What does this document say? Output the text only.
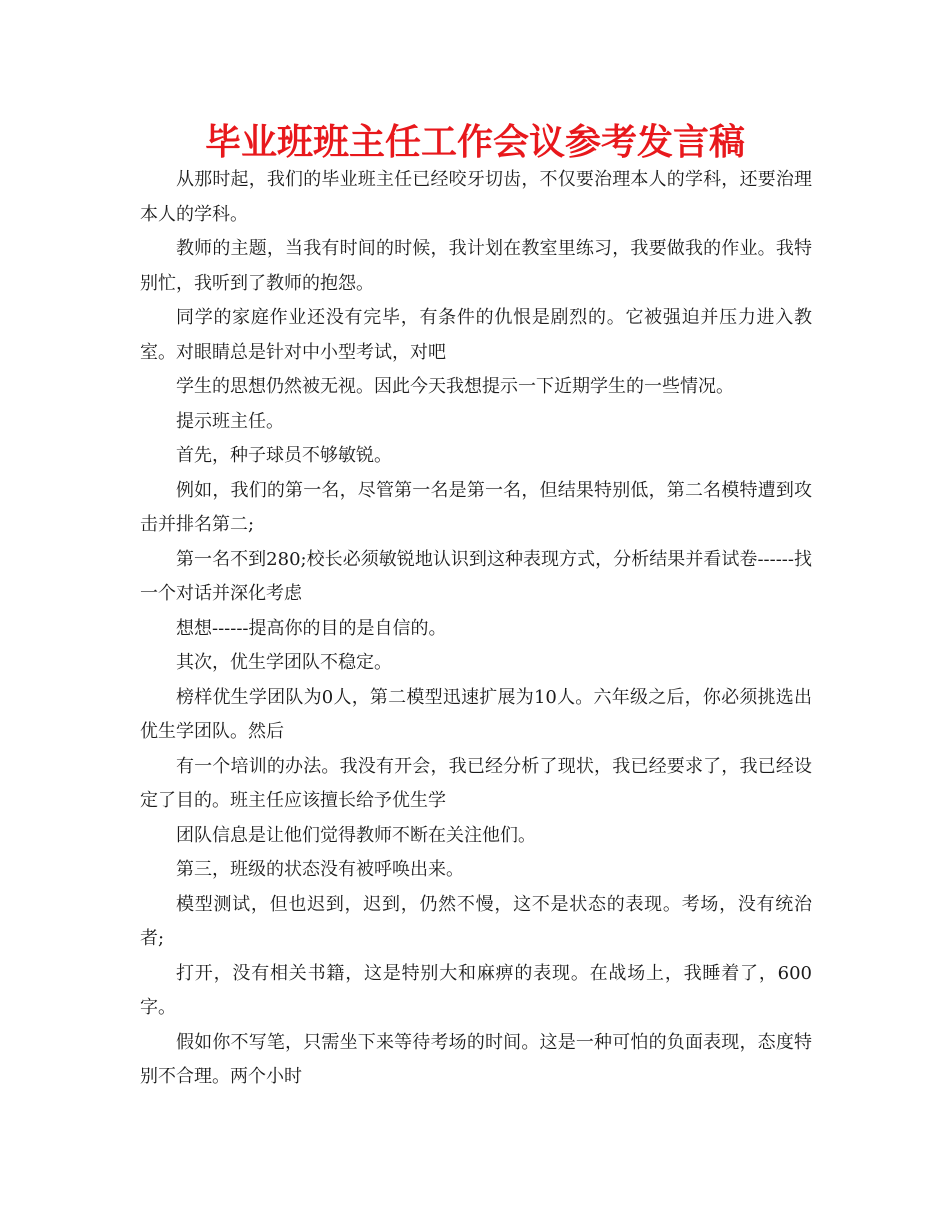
毕业班班主任工作会议参考发言稿

从那时起，我们的毕业班主任已经咬牙切齿，不仅要治理本人的学科，还要治理本人的学科。

教师的主题，当我有时间的时候，我计划在教室里练习，我要做我的作业。我特别忙，我听到了教师的抱怨。

同学的家庭作业还没有完毕，有条件的仇恨是剧烈的。它被强迫并压力进入教室。对眼睛总是针对中小型考试，对吧

学生的思想仍然被无视。因此今天我想提示一下近期学生的一些情况。

提示班主任。

首先，种子球员不够敏锐。

例如，我们的第一名，尽管第一名是第一名，但结果特别低，第二名模特遭到攻击并排名第二;

第一名不到280;校长必须敏锐地认识到这种表现方式，分析结果并看试卷------找一个对话并深化考虑

想想------提高你的目的是自信的。

其次，优生学团队不稳定。

榜样优生学团队为0人，第二模型迅速扩展为10人。六年级之后，你必须挑选出优生学团队。然后

有一个培训的办法。我没有开会，我已经分析了现状，我已经要求了，我已经设定了目的。班主任应该擅长给予优生学

团队信息是让他们觉得教师不断在关注他们。

第三，班级的状态没有被呼唤出来。

模型测试，但也迟到，迟到，仍然不慢，这不是状态的表现。考场，没有统治者;

打开，没有相关书籍，这是特别大和麻痹的表现。在战场上，我睡着了，600字。

假如你不写笔，只需坐下来等待考场的时间。这是一种可怕的负面表现，态度特别不合理。两个小时
